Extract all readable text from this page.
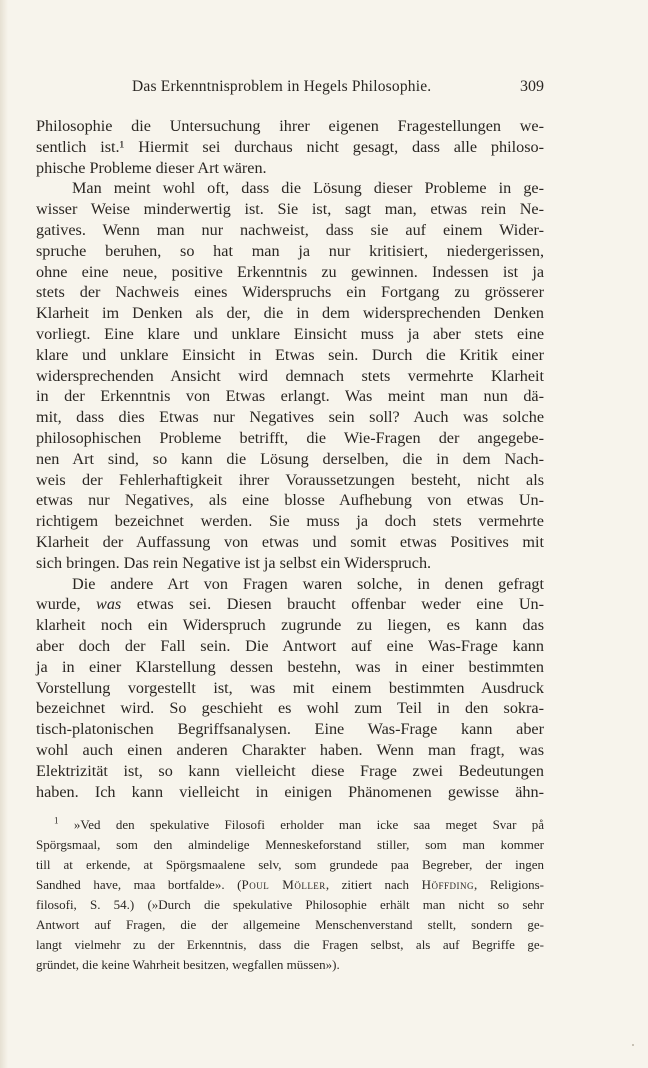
Das Erkenntnisproblem in Hegels Philosophie.	309
Philosophie die Untersuchung ihrer eigenen Fragestellungen we-
sentlich ist.¹ Hiermit sei durchaus nicht gesagt, dass alle philoso-
phische Probleme dieser Art wären.
Man meint wohl oft, dass die Lösung dieser Probleme in ge-
wisser Weise minderwertig ist. Sie ist, sagt man, etwas rein Ne-
gatives. Wenn man nur nachweist, dass sie auf einem Wider-
spruche beruhen, so hat man ja nur kritisiert, niedergerissen,
ohne eine neue, positive Erkenntnis zu gewinnen. Indessen ist ja
stets der Nachweis eines Widerspruchs ein Fortgang zu grösserer
Klarheit im Denken als der, die in dem widersprechenden Denken
vorliegt. Eine klare und unklare Einsicht muss ja aber stets eine
klare und unklare Einsicht in Etwas sein. Durch die Kritik einer
widersprechenden Ansicht wird demnach stets vermehrte Klarheit
in der Erkenntnis von Etwas erlangt. Was meint man nun dä-
mit, dass dies Etwas nur Negatives sein soll? Auch was solche
philosophischen Probleme betrifft, die Wie-Fragen der angegebe-
nen Art sind, so kann die Lösung derselben, die in dem Nach-
weis der Fehlerhaftigkeit ihrer Voraussetzungen besteht, nicht als
etwas nur Negatives, als eine blosse Aufhebung von etwas Un-
richtigem bezeichnet werden. Sie muss ja doch stets vermehrte
Klarheit der Auffassung von etwas und somit etwas Positives mit
sich bringen. Das rein Negative ist ja selbst ein Widerspruch.
Die andere Art von Fragen waren solche, in denen gefragt
wurde, was etwas sei. Diesen braucht offenbar weder eine Un-
klarheit noch ein Widerspruch zugrunde zu liegen, es kann das
aber doch der Fall sein. Die Antwort auf eine Was-Frage kann
ja in einer Klarstellung dessen bestehn, was in einer bestimmten
Vorstellung vorgestellt ist, was mit einem bestimmten Ausdruck
bezeichnet wird. So geschieht es wohl zum Teil in den sokra-
tisch-platonischen Begriffsanalysen. Eine Was-Frage kann aber
wohl auch einen anderen Charakter haben. Wenn man fragt, was
Elektrizität ist, so kann vielleicht diese Frage zwei Bedeutungen
haben. Ich kann vielleicht in einigen Phänomenen gewisse ähn-
$^1$ »Ved den spekulative Filosofi erholder man icke saa meget Svar på
Spörgsmaal, som den almindelige Menneskeforstand stiller, som man kommer
till at erkende, at Spörgsmaalene selv, som grundede paa Begreber, der ingen
Sandhed have, maa bortfalde». (Poul Möller, zitiert nach Höffding, Religions-
filosofi, S. 54.) (»Durch die spekulative Philosophie erhält man nicht so sehr
Antwort auf Fragen, die der allgemeine Menschenverstand stellt, sondern ge-
langt vielmehr zu der Erkenntnis, dass die Fragen selbst, als auf Begriffe ge-
gründet, die keine Wahrheit besitzen, wegfallen müssen»).
